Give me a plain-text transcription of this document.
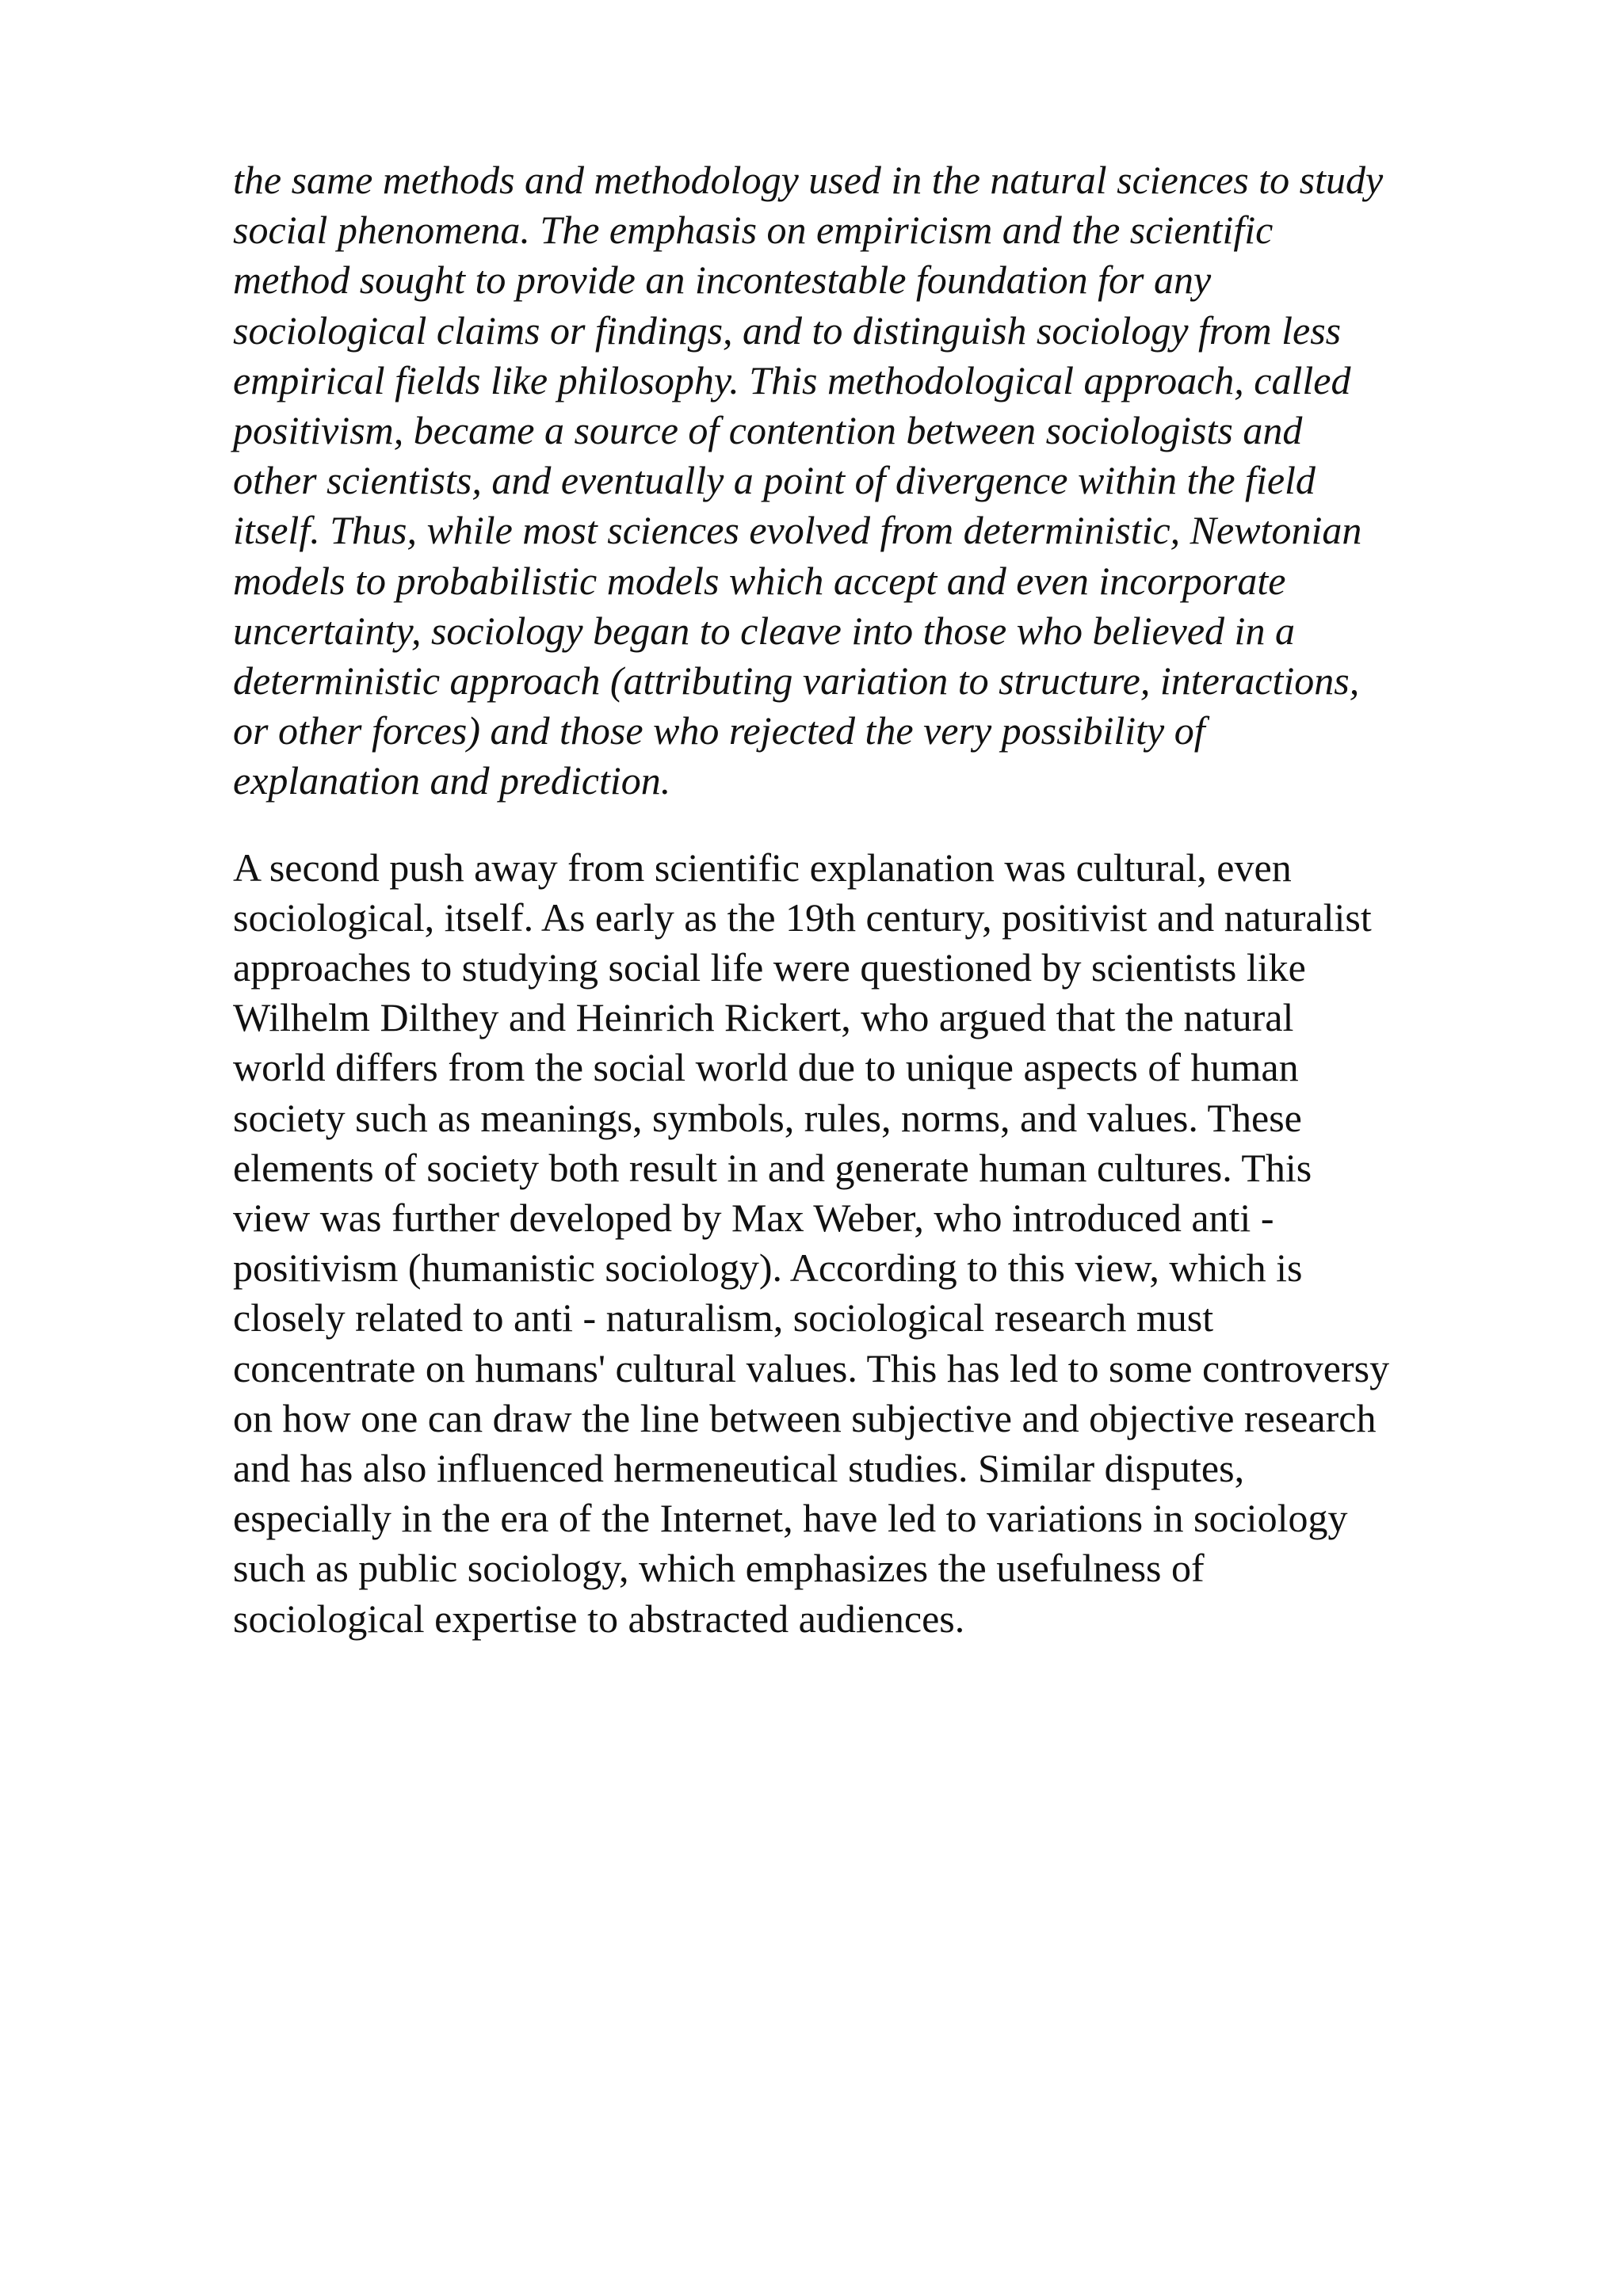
the same methods and methodology used in the natural sciences to study
social phenomena. The emphasis on empiricism and the scientific
method sought to provide an incontestable foundation for any
sociological claims or findings, and to distinguish sociology from less
empirical fields like philosophy. This methodological approach, called
positivism, became a source of contention between sociologists and
other scientists, and eventually a point of divergence within the field
itself. Thus, while most sciences evolved from deterministic, Newtonian
models to probabilistic models which accept and even incorporate
uncertainty, sociology began to cleave into those who believed in a
deterministic approach (attributing variation to structure, interactions,
or other forces) and those who rejected the very possibility of
explanation and prediction.

A second push away from scientific explanation was cultural, even
sociological, itself. As early as the 19th century, positivist and naturalist
approaches to studying social life were questioned by scientists like
Wilhelm Dilthey and Heinrich Rickert, who argued that the natural
world differs from the social world due to unique aspects of human
society such as meanings, symbols, rules, norms, and values. These
elements of society both result in and generate human cultures. This
view was further developed by Max Weber, who introduced anti -
positivism (humanistic sociology). According to this view, which is
closely related to anti - naturalism, sociological research must
concentrate on humans' cultural values. This has led to some controversy
on how one can draw the line between subjective and objective research
and has also influenced hermeneutical studies. Similar disputes,
especially in the era of the Internet, have led to variations in sociology
such as public sociology, which emphasizes the usefulness of
sociological expertise to abstracted audiences.
